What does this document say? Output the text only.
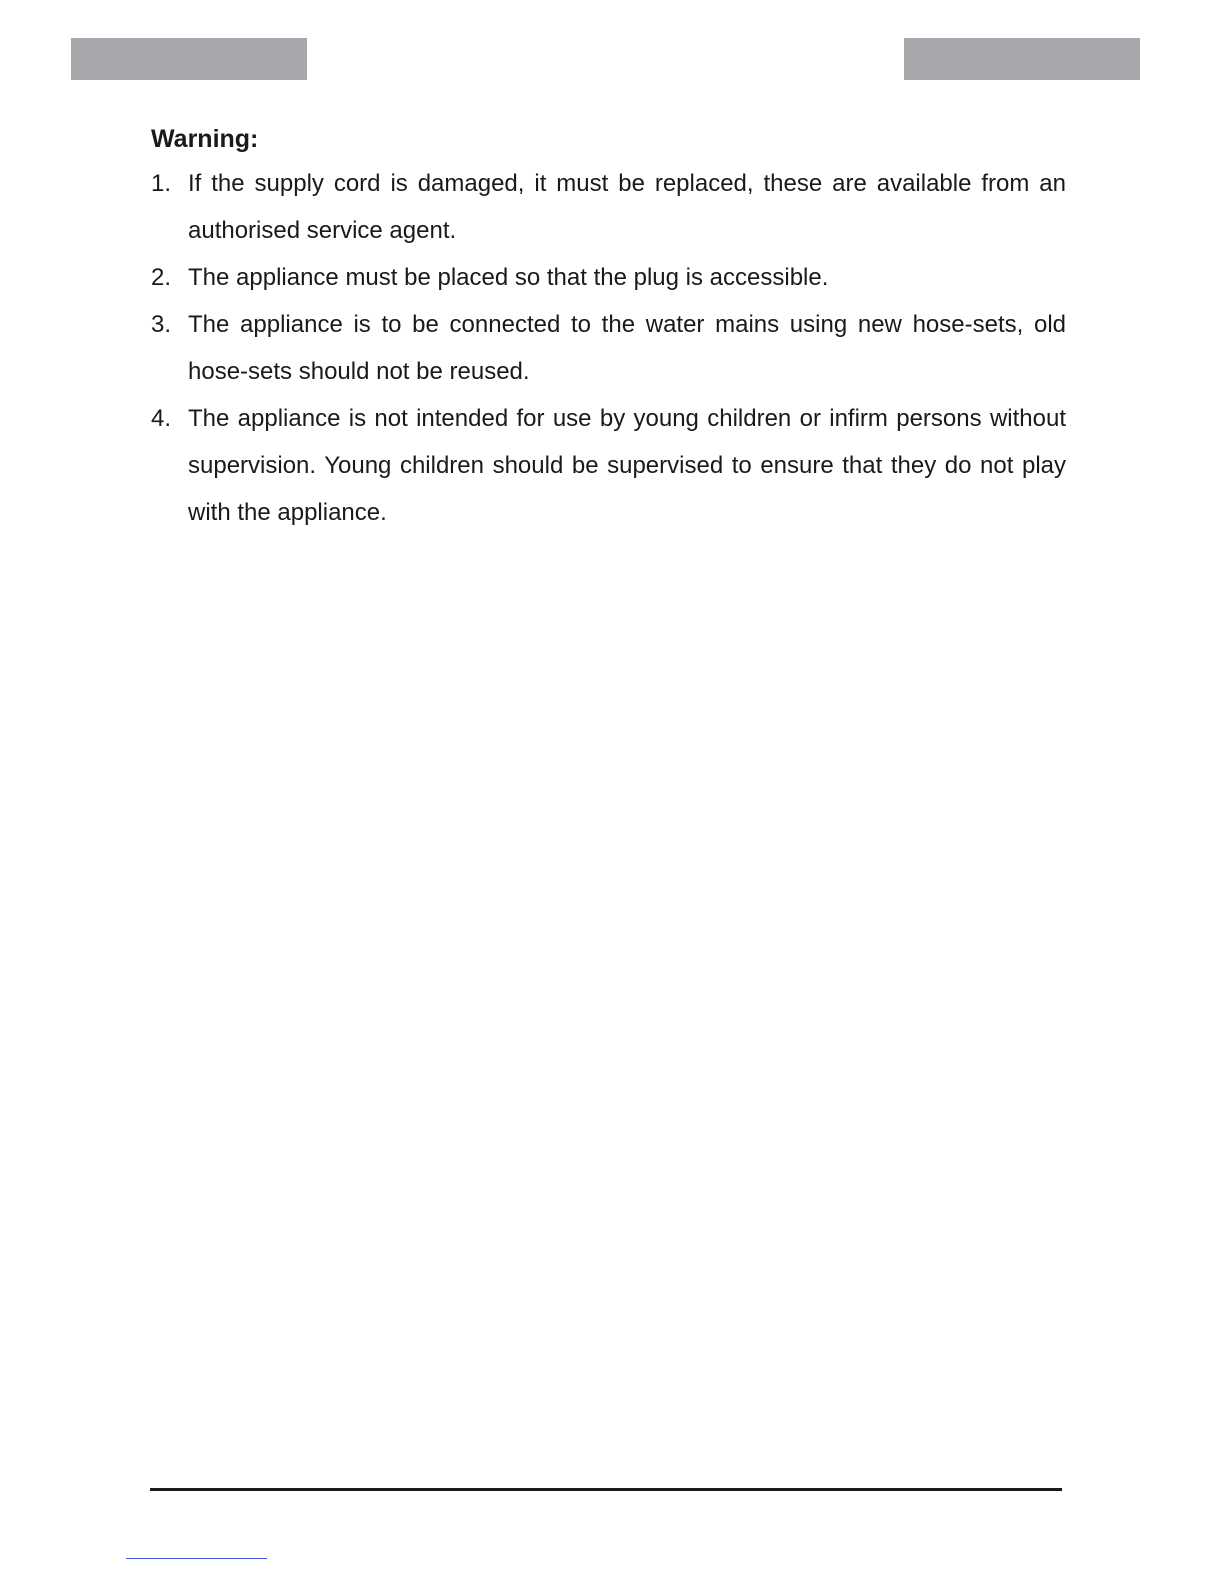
Warning:
1. If the supply cord is damaged, it must be replaced, these are available from an authorised service agent.
2. The appliance must be placed so that the plug is accessible.
3. The appliance is to be connected to the water mains using new hose-sets, old hose-sets should not be reused.
4. The appliance is not intended for use by young children or infirm persons without supervision. Young children should be supervised to ensure that they do not play with the appliance.
